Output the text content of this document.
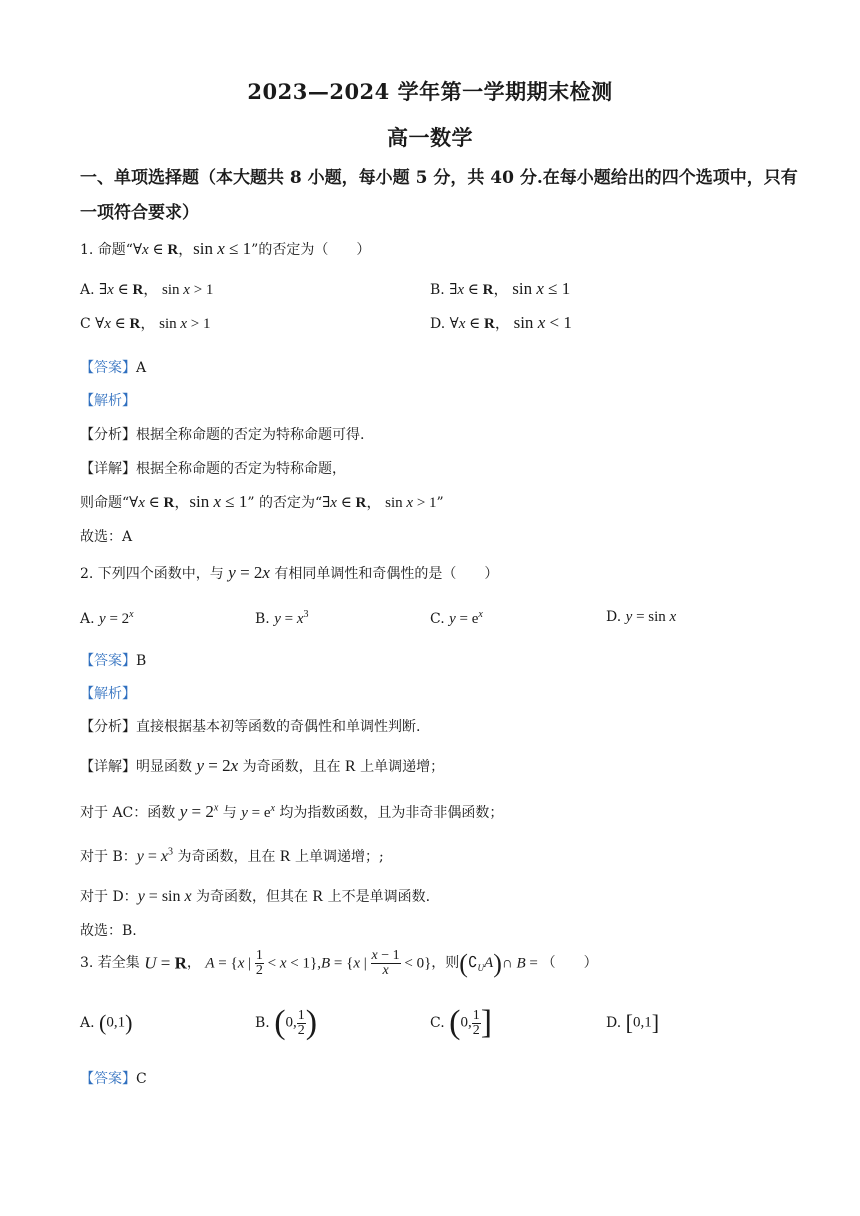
2023—2024 学年第一学期期末检测
高一数学
一、单项选择题（本大题共 8 小题，每小题 5 分，共 40 分.在每小题给出的四个选项中，只有
一项符合要求）
1. 命题“∀x ∈ R，sin x ≤ 1”的否定为（　　）
A. ∃x ∈ R， sin x > 1	B. ∃x ∈ R， sin x ≤ 1
C ∀x ∈ R， sin x > 1	D. ∀x ∈ R， sin x < 1
【答案】A
【解析】
【分析】根据全称命题的否定为特称命题可得.
【详解】根据全称命题的否定为特称命题，
则命题“∀x ∈ R，sin x ≤ 1” 的否定为“∃x ∈ R， sin x > 1”
故选：A
2. 下列四个函数中，与 y = 2x 有相同单调性和奇偶性的是（　　）
A. $y = 2^x$	B. $y = x^3$	C. $y = e^x$	D. y = sin x
【答案】B
【解析】
【分析】直接根据基本初等函数的奇偶性和单调性判断.
【详解】明显函数 y = 2x 为奇函数，且在 R 上单调递增；
对于 AC：函数 $y = 2^x$ 与 $y = e^x$ 均为指数函数，且为非奇非偶函数；
对于 B：$y = x^3$ 为奇函数，且在 R 上单调递增；;
对于 D：y = sin x 为奇函数，但其在 R 上不是单调函数.
故选：B.
3. 若全集 U = R， A = {x | $\frac{1}{2} < x < 1\},B = \{x$ | $\frac{x - 1}{x} < 0$}，则$(∁_UA)\cap$ B = （　　）
A. (0,1)	B. (0, $\frac{1}{2}$ )	C. (0, $\frac{1}{2}$ ]	D. [0,1]
【答案】C
